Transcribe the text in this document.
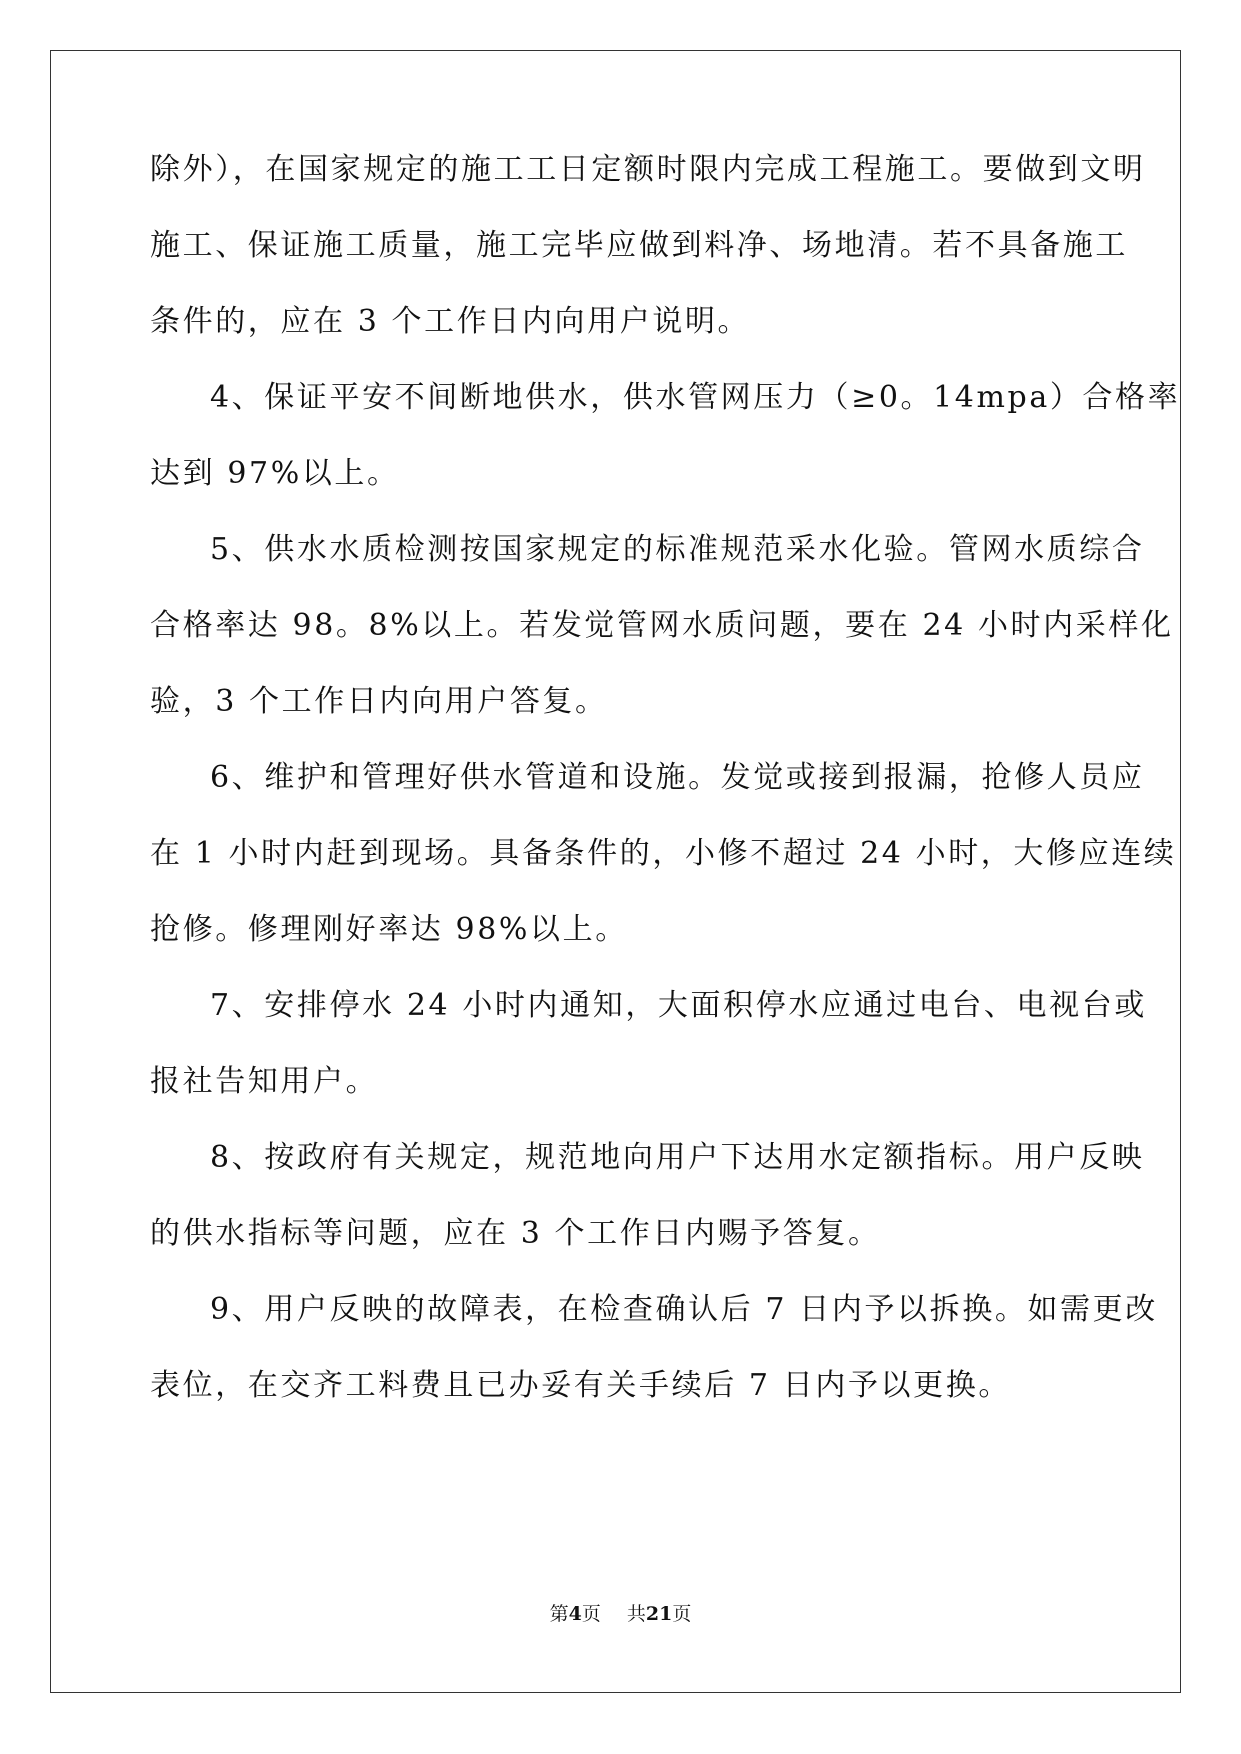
除外），在国家规定的施工工日定额时限内完成工程施工。要做到文明
施工、保证施工质量，施工完毕应做到料净、场地清。若不具备施工
条件的，应在 3 个工作日内向用户说明。
4、保证平安不间断地供水，供水管网压力（≥0。14mpa）合格率
达到 97%以上。
5、供水水质检测按国家规定的标准规范采水化验。管网水质综合
合格率达 98。8%以上。若发觉管网水质问题，要在 24 小时内采样化
验，3 个工作日内向用户答复。
6、维护和管理好供水管道和设施。发觉或接到报漏，抢修人员应
在 1 小时内赶到现场。具备条件的，小修不超过 24 小时，大修应连续
抢修。修理刚好率达 98%以上。
7、安排停水 24 小时内通知，大面积停水应通过电台、电视台或
报社告知用户。
8、按政府有关规定，规范地向用户下达用水定额指标。用户反映
的供水指标等问题，应在 3 个工作日内赐予答复。
9、用户反映的故障表，在检查确认后 7 日内予以拆换。如需更改
表位，在交齐工料费且已办妥有关手续后 7 日内予以更换。
第4页 共21页
